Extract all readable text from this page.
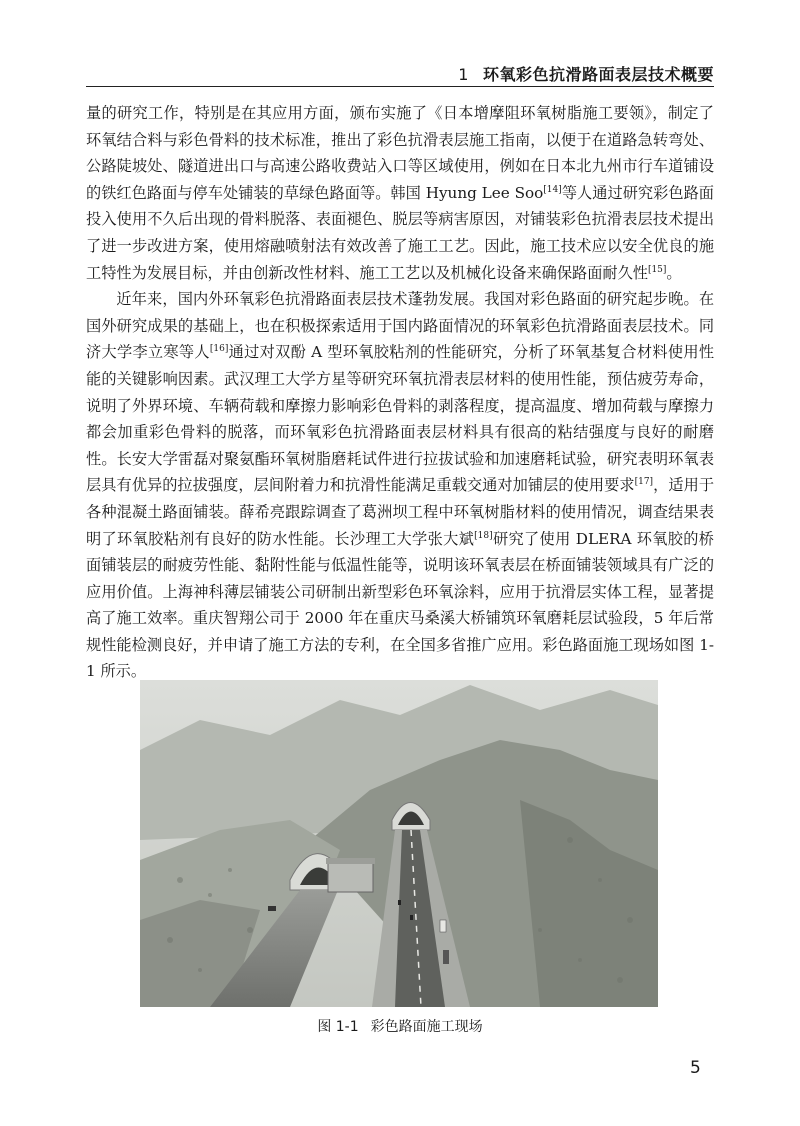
1 环氧彩色抗滑路面表层技术概要

量的研究工作，特别是在其应用方面，颁布实施了《日本增摩阻环氧树脂施工要领》，制定了环氧结合料与彩色骨料的技术标准，推出了彩色抗滑表层施工指南，以便于在道路急转弯处、公路陡坡处、隧道进出口与高速公路收费站入口等区域使用，例如在日本北九州市行车道铺设的铁红色路面与停车处铺装的草绿色路面等。韩国 Hyung Lee Soo[14]等人通过研究彩色路面投入使用不久后出现的骨料脱落、表面褪色、脱层等病害原因，对铺装彩色抗滑表层技术提出了进一步改进方案，使用熔融喷射法有效改善了施工工艺。因此，施工技术应以安全优良的施工特性为发展目标，并由创新改性材料、施工工艺以及机械化设备来确保路面耐久性[15]。

近年来，国内外环氧彩色抗滑路面表层技术蓬勃发展。我国对彩色路面的研究起步晚。在国外研究成果的基础上，也在积极探索适用于国内路面情况的环氧彩色抗滑路面表层技术。同济大学李立寒等人[16]通过对双酚 A 型环氧胶粘剂的性能研究，分析了环氧基复合材料使用性能的关键影响因素。武汉理工大学方星等研究环氧抗滑表层材料的使用性能，预估疲劳寿命，说明了外界环境、车辆荷载和摩擦力影响彩色骨料的剥落程度，提高温度、增加荷载与摩擦力都会加重彩色骨料的脱落，而环氧彩色抗滑路面表层材料具有很高的粘结强度与良好的耐磨性。长安大学雷磊对聚氨酯环氧树脂磨耗试件进行拉拔试验和加速磨耗试验，研究表明环氧表层具有优异的拉拔强度，层间附着力和抗滑性能满足重载交通对加铺层的使用要求[17]，适用于各种混凝土路面铺装。薛希亮跟踪调查了葛洲坝工程中环氧树脂材料的使用情况，调查结果表明了环氧胶粘剂有良好的防水性能。长沙理工大学张大斌[18]研究了使用 DLERA 环氧胶的桥面铺装层的耐疲劳性能、黏附性能与低温性能等，说明该环氧表层在桥面铺装领域具有广泛的应用价值。上海神科薄层铺装公司研制出新型彩色环氧涂料，应用于抗滑层实体工程，显著提高了施工效率。重庆智翔公司于 2000 年在重庆马桑溪大桥铺筑环氧磨耗层试验段，5 年后常规性能检测良好，并申请了施工方法的专利，在全国多省推广应用。彩色路面施工现场如图 1-1 所示。

图 1-1 彩色路面施工现场
5
